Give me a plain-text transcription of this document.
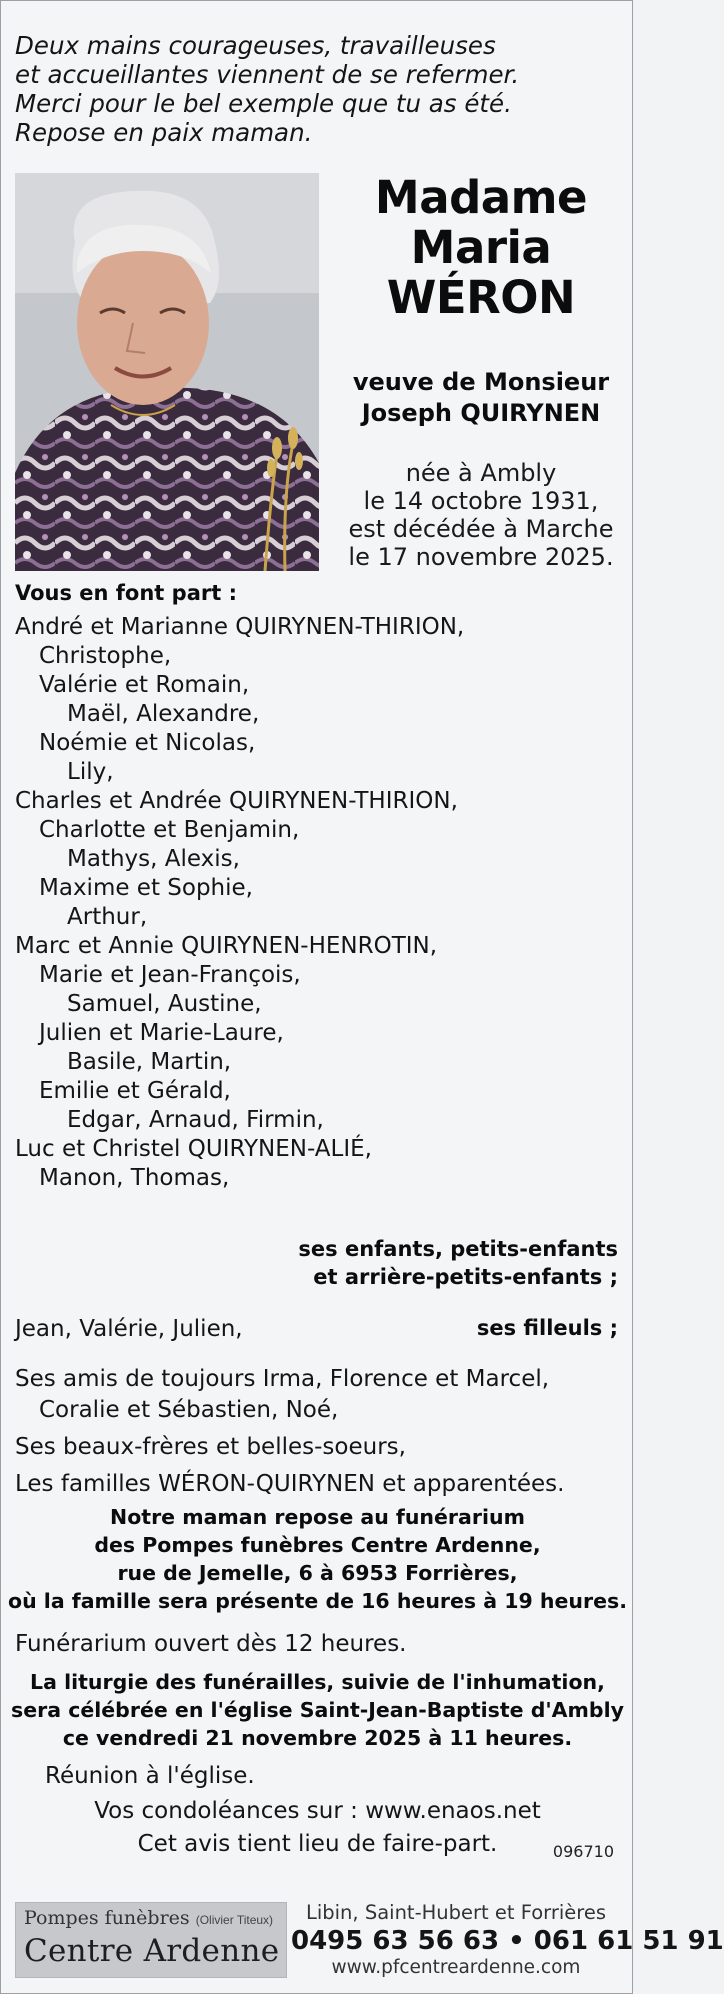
Deux mains courageuses, travailleuses
et accueillantes viennent de se refermer.
Merci pour le bel exemple que tu as été.
Repose en paix maman.
Madame
Maria
WÉRON
veuve de Monsieur
Joseph QUIRYNEN
née à Ambly
le 14 octobre 1931,
est décédée à Marche
le 17 novembre 2025.
Vous en font part :
André et Marianne QUIRYNEN-THIRION,
Christophe,
Valérie et Romain,
Maël, Alexandre,
Noémie et Nicolas,
Lily,
Charles et Andrée QUIRYNEN-THIRION,
Charlotte et Benjamin,
Mathys, Alexis,
Maxime et Sophie,
Arthur,
Marc et Annie QUIRYNEN-HENROTIN,
Marie et Jean-François,
Samuel, Austine,
Julien et Marie-Laure,
Basile, Martin,
Emilie et Gérald,
Edgar, Arnaud, Firmin,
Luc et Christel QUIRYNEN-ALIÉ,
Manon, Thomas,
ses enfants, petits-enfants
et arrière-petits-enfants ;
Jean, Valérie, Julien,	ses filleuls ;
Ses amis de toujours Irma, Florence et Marcel,
Coralie et Sébastien, Noé,
Ses beaux-frères et belles-soeurs,
Les familles WÉRON-QUIRYNEN et apparentées.
Notre maman repose au funérarium
des Pompes funèbres Centre Ardenne,
rue de Jemelle, 6 à 6953 Forrières,
où la famille sera présente de 16 heures à 19 heures.
Funérarium ouvert dès 12 heures.
La liturgie des funérailles, suivie de l'inhumation,
sera célébrée en l'église Saint-Jean-Baptiste d'Ambly
ce vendredi 21 novembre 2025 à 11 heures.
Réunion à l'église.
Vos condoléances sur : www.enaos.net
Cet avis tient lieu de faire-part.	096710
Pompes funèbres (Olivier Titeux)
Centre Ardenne
Libin, Saint-Hubert et Forrières
0495 63 56 63 • 061 61 51 91
www.pfcentreardenne.com
